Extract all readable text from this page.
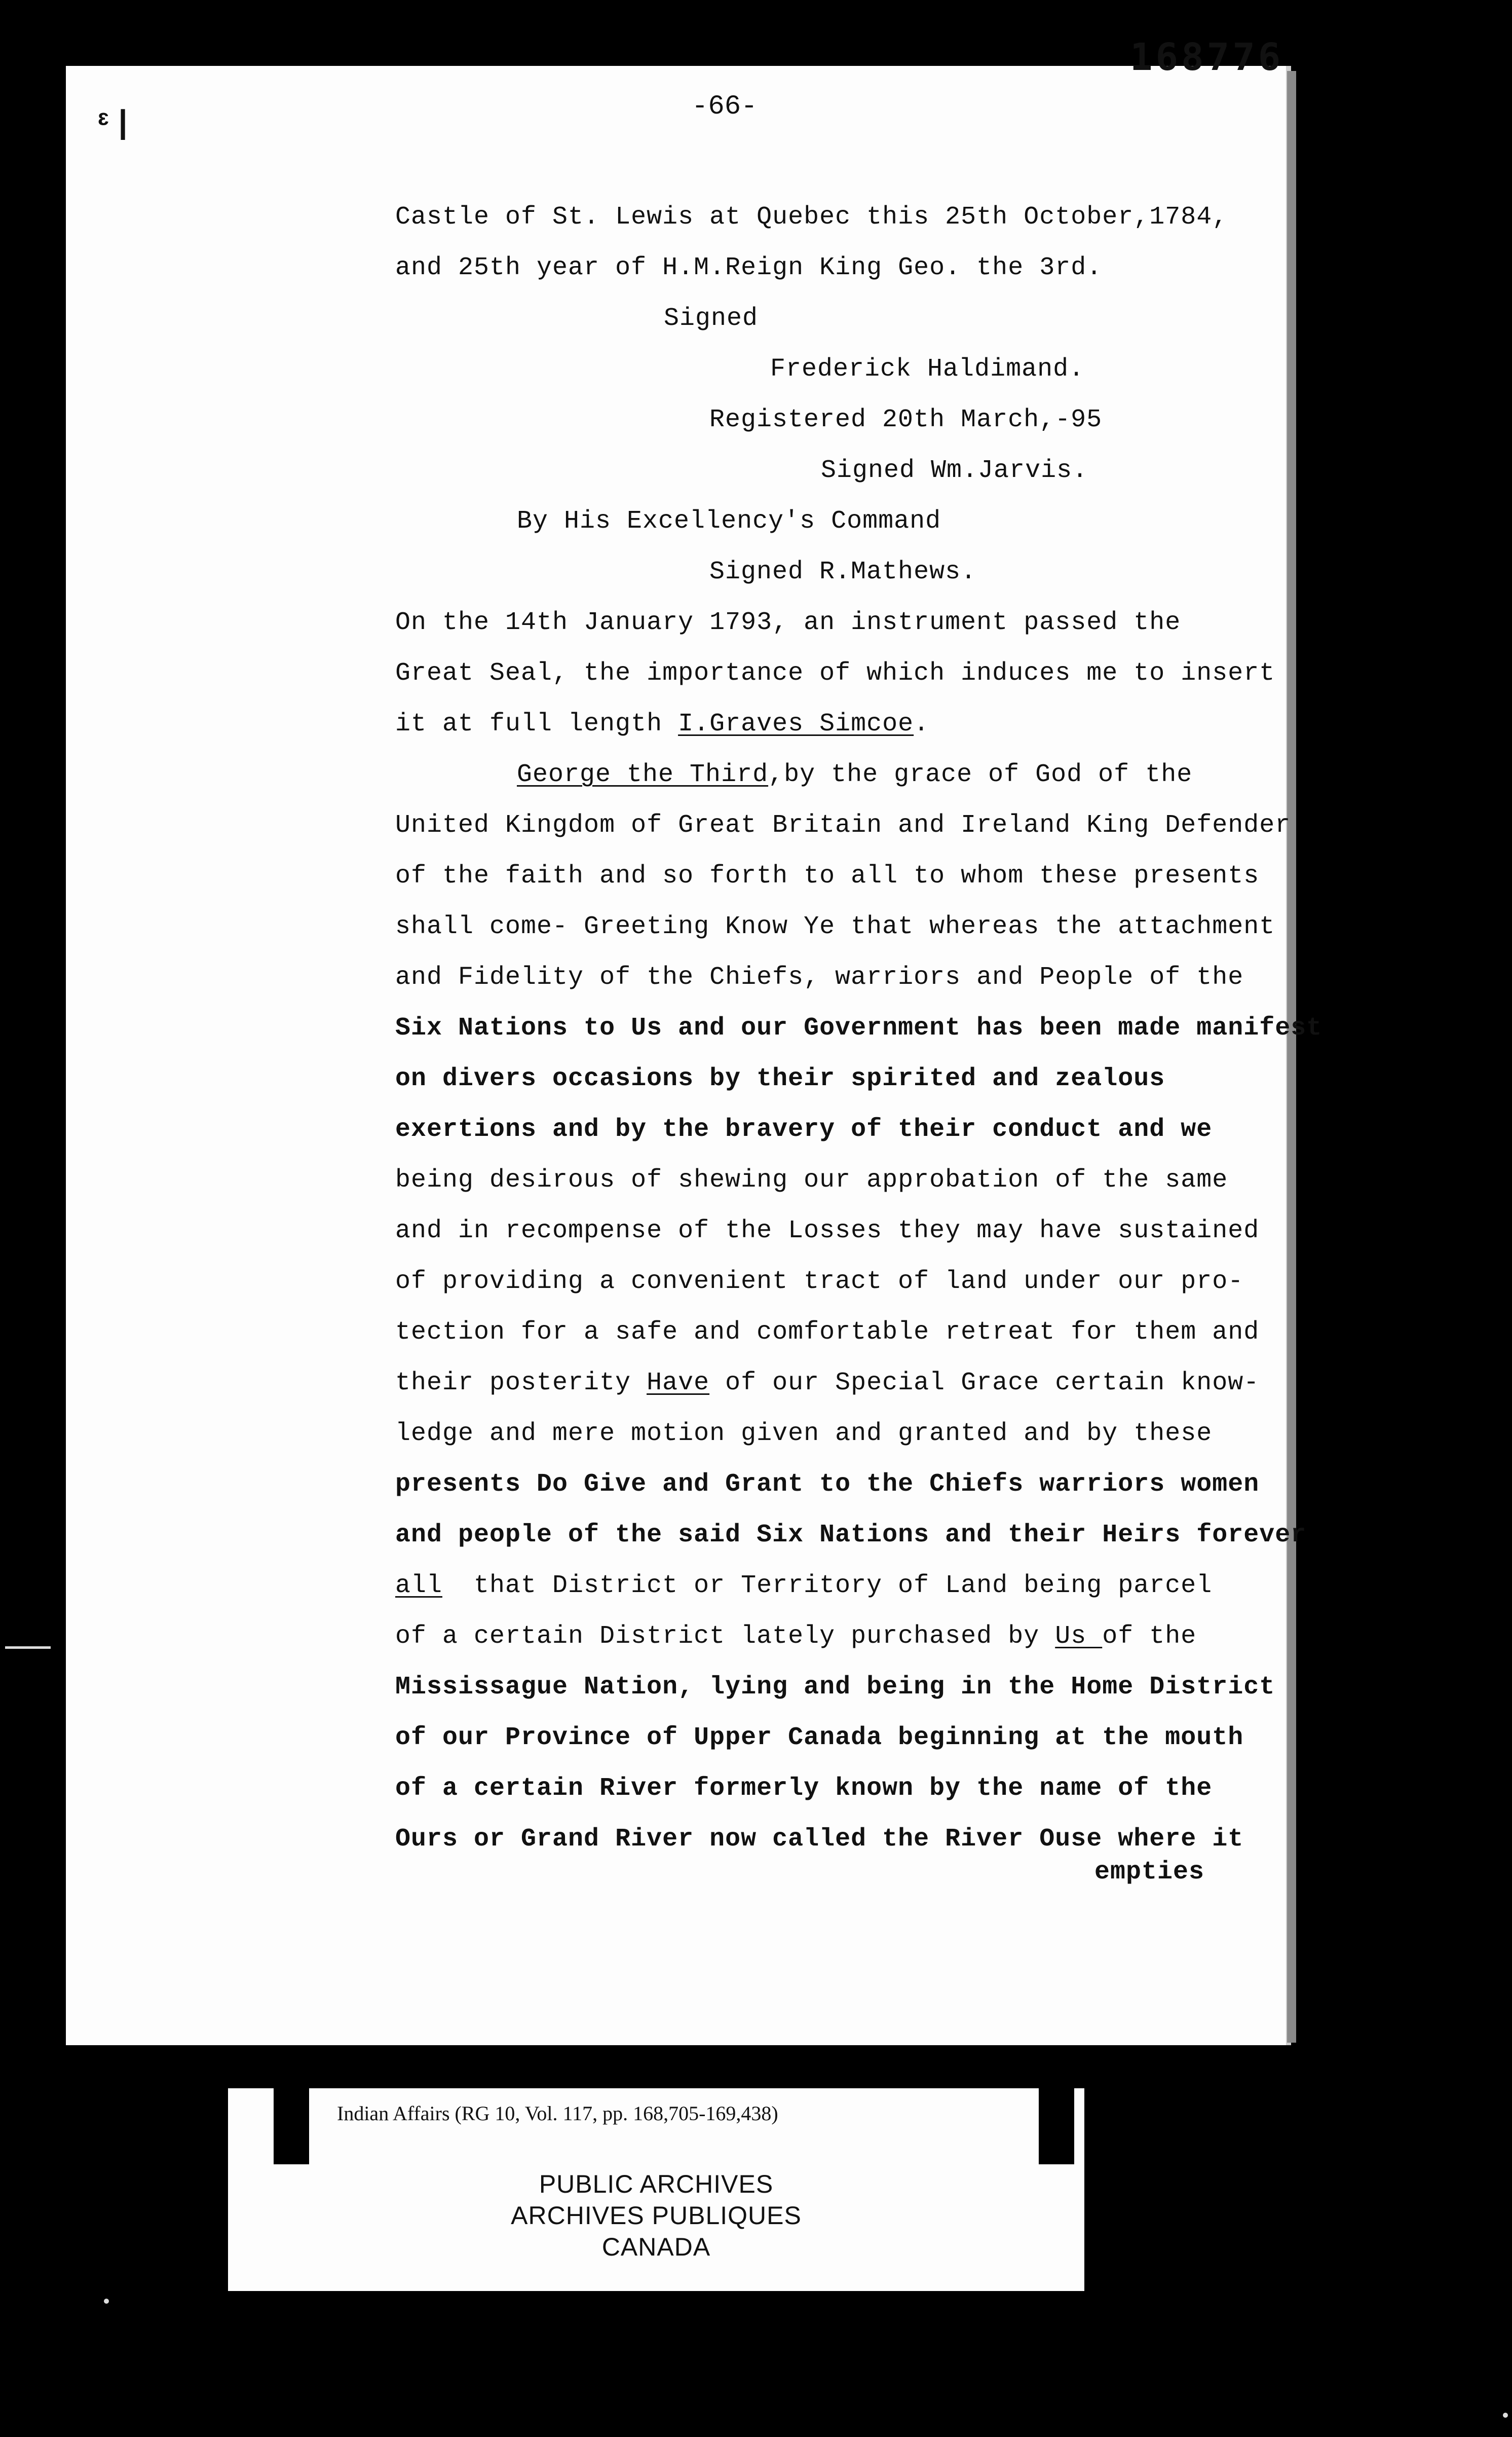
168776
ᵋ|	-66-
Castle of St. Lewis at Quebec this 25th October,1784,
and 25th year of H.M.Reign King Geo. the 3rd.
Signed
Frederick Haldimand.
Registered 20th March,-95
Signed Wm.Jarvis.
By His Excellency's Command
Signed R.Mathews.
On the 14th January 1793, an instrument passed the
Great Seal, the importance of which induces me to insert
it at full length I.Graves Simcoe.
George the Third,by the grace of God of the
United Kingdom of Great Britain and Ireland King Defender
of the faith and so forth to all to whom these presents
shall come- Greeting Know Ye that whereas the attachment
and Fidelity of the Chiefs, warriors and People of the
Six Nations to Us and our Government has been made manifest
on divers occasions by their spirited and zealous
exertions and by the bravery of their conduct and we
being desirous of shewing our approbation of the same
and in recompense of the Losses they may have sustained
of providing a convenient tract of land under our pro-
tection for a safe and comfortable retreat for them and
their posterity Have of our Special Grace certain know-
ledge and mere motion given and granted and by these
presents Do Give and Grant to the Chiefs warriors women
and people of the said Six Nations and their Heirs forever
all  that District or Territory of Land being parcel
of a certain District lately purchased by Us of the
Mississague Nation, lying and being in the Home District
of our Province of Upper Canada beginning at the mouth
of a certain River formerly known by the name of the
Ours or Grand River now called the River Ouse where it
empties
Indian Affairs (RG 10, Vol. 117, pp. 168,705-169,438)
PUBLIC ARCHIVES
ARCHIVES PUBLIQUES
CANADA
